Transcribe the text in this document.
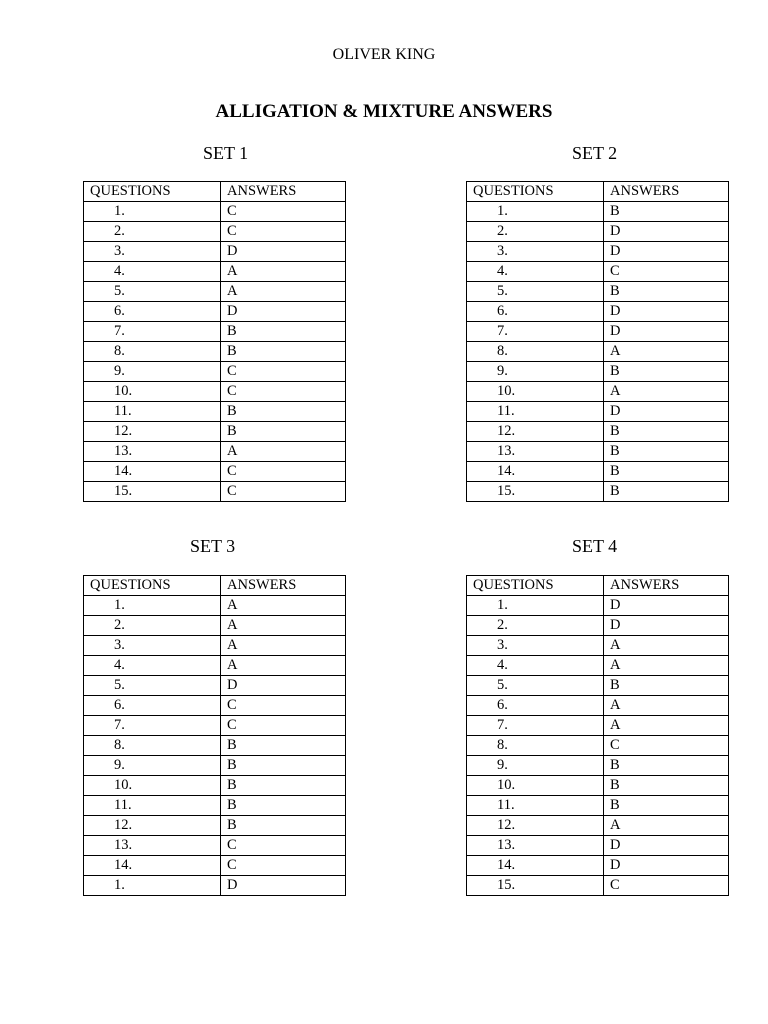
OLIVER KING
ALLIGATION & MIXTURE ANSWERS
SET 1
QUESTIONS	ANSWERS
1.	C
2.	C
3.	D
4.	A
5.	A
6.	D
7.	B
8.	B
9.	C
10.	C
11.	B
12.	B
13.	A
14.	C
15.	C
SET 2
QUESTIONS	ANSWERS
1.	B
2.	D
3.	D
4.	C
5.	B
6.	D
7.	D
8.	A
9.	B
10.	A
11.	D
12.	B
13.	B
14.	B
15.	B
SET 3
QUESTIONS	ANSWERS
1.	A
2.	A
3.	A
4.	A
5.	D
6.	C
7.	C
8.	B
9.	B
10.	B
11.	B
12.	B
13.	C
14.	C
1.	D
SET 4
QUESTIONS	ANSWERS
1.	D
2.	D
3.	A
4.	A
5.	B
6.	A
7.	A
8.	C
9.	B
10.	B
11.	B
12.	A
13.	D
14.	D
15.	C
